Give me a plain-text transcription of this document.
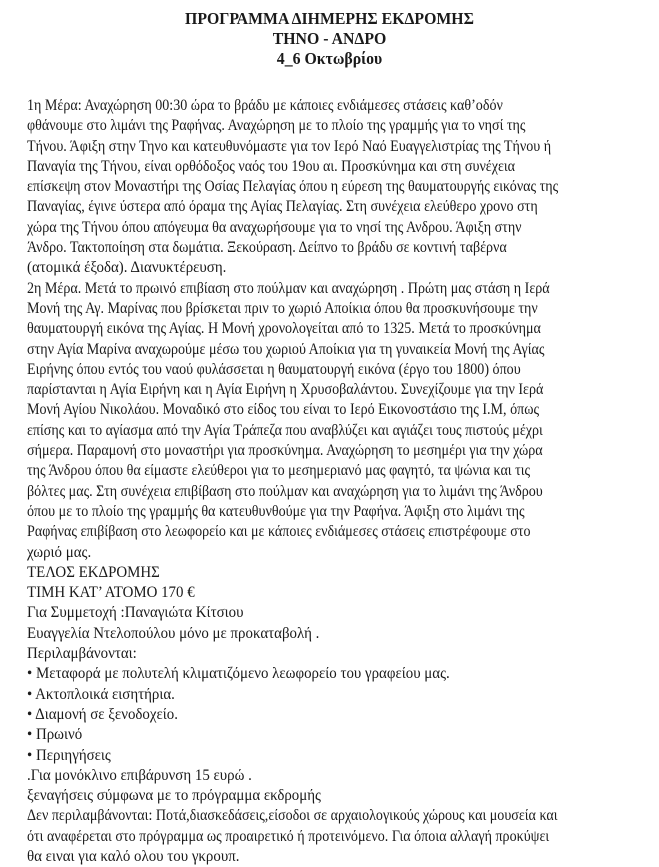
ΠΡΟΓΡΑΜΜΑ ΔΙΗΜΕΡΗΣ ΕΚΔΡΟΜΗΣ

ΤΗΝΟ - ΑΝΔΡΟ

4_6 Οκτωβρίου

1η Μέρα: Αναχώρηση 00:30 ώρα το βράδυ με κάποιες ενδιάμεσες στάσεις καθ’οδόν

φθάνουμε στο λιμάνι της Ραφήνας. Αναχώρηση με το πλοίο της γραμμής για το νησί της

Τήνου. Άφιξη στην Τηνο και κατευθυνόμαστε για τον Ιερό Ναό Ευαγγελιστρίας της Τήνου ή

Παναγία της Τήνου, είναι ορθόδοξος ναός του 19ου αι. Προσκύνημα και στη συνέχεια

επίσκεψη στον Μοναστήρι της Οσίας Πελαγίας όπου η εύρεση της θαυματουργής εικόνας της

Παναγίας, έγινε ύστερα από όραμα της Αγίας Πελαγίας. Στη συνέχεια ελεύθερο χρονο στη

χώρα της Τήνου όπου απόγευμα θα αναχωρήσουμε για το νησί της Ανδρου. Άφιξη στην

Άνδρο. Τακτοποίηση στα δωμάτια. Ξεκούραση. Δείπνο το βράδυ σε κοντινή ταβέρνα

(ατομικά έξοδα). Διανυκτέρευση.

2η Μέρα. Μετά το πρωινό επιβίαση στο πούλμαν και αναχώρηση . Πρώτη μας στάση η Ιερά

Μονή της Αγ. Μαρίνας που βρίσκεται πριν το χωριό Αποίκια όπου θα προσκυνήσουμε την

θαυματουργή εικόνα της Αγίας. Η Μονή χρονολογείται από το 1325. Μετά το προσκύνημα

στην Αγία Μαρίνα αναχωρούμε μέσω του χωριού Αποίκια για τη γυναικεία Μονή της Αγίας

Ειρήνης όπου εντός του ναού φυλάσσεται η θαυματουργή εικόνα (έργο του 1800) όπου

παρίστανται η Αγία Ειρήνη και η Αγία Ειρήνη η Χρυσοβαλάντου. Συνεχίζουμε για την Ιερά

Μονή Αγίου Νικολάου. Μοναδικό στο είδος του είναι το Ιερό Εικονοστάσιο της Ι.Μ, όπως

επίσης και το αγίασμα από την Αγία Τράπεζα που αναβλύζει και αγιάζει τους πιστούς μέχρι

σήμερα. Παραμονή στο μοναστήρι για προσκύνημα. Αναχώρηση το μεσημέρι για την χώρα

της Άνδρου όπου θα είμαστε ελεύθεροι για το μεσημεριανό μας φαγητό, τα ψώνια και τις

βόλτες μας. Στη συνέχεια επιβίβαση στο πούλμαν και αναχώρηση για το λιμάνι της Άνδρου

όπου με το πλοίο της γραμμής θα κατευθυνθούμε για την Ραφήνα. Άφιξη στο λιμάνι της

Ραφήνας επιβίβαση στο λεωφορείο και με κάποιες ενδιάμεσες στάσεις επιστρέφουμε στο

χωριό μας.

ΤΕΛΟΣ ΕΚΔΡΟΜΗΣ

ΤΙΜΗ ΚΑΤ’ ΑΤΟΜΟ 170 €

Για Συμμετοχή :Παναγιώτα Κίτσιου

Ευαγγελία Ντελοπούλου μόνο με προκαταβολή .

Περιλαμβάνονται:

• Μεταφορά με πολυτελή κλιματιζόμενο λεωφορείο του γραφείου μας.

• Ακτοπλοικά εισητήρια.

• Διαμονή σε ξενοδοχείο.

• Πρωινό

• Περιηγήσεις

.Για μονόκλινο επιβάρυνση 15 ευρώ .

ξεναγήσεις σύμφωνα με το πρόγραμμα εκδρομής

Δεν περιλαμβάνονται: Ποτά,διασκεδάσεις,είσοδοι σε αρχαιολογικούς χώρους και μουσεία και

ότι αναφέρεται στο πρόγραμμα ως προαιρετικό ή προτεινόμενο. Για όποια αλλαγή προκύψει

θα ειναι για καλό ολου του γκρουπ.
